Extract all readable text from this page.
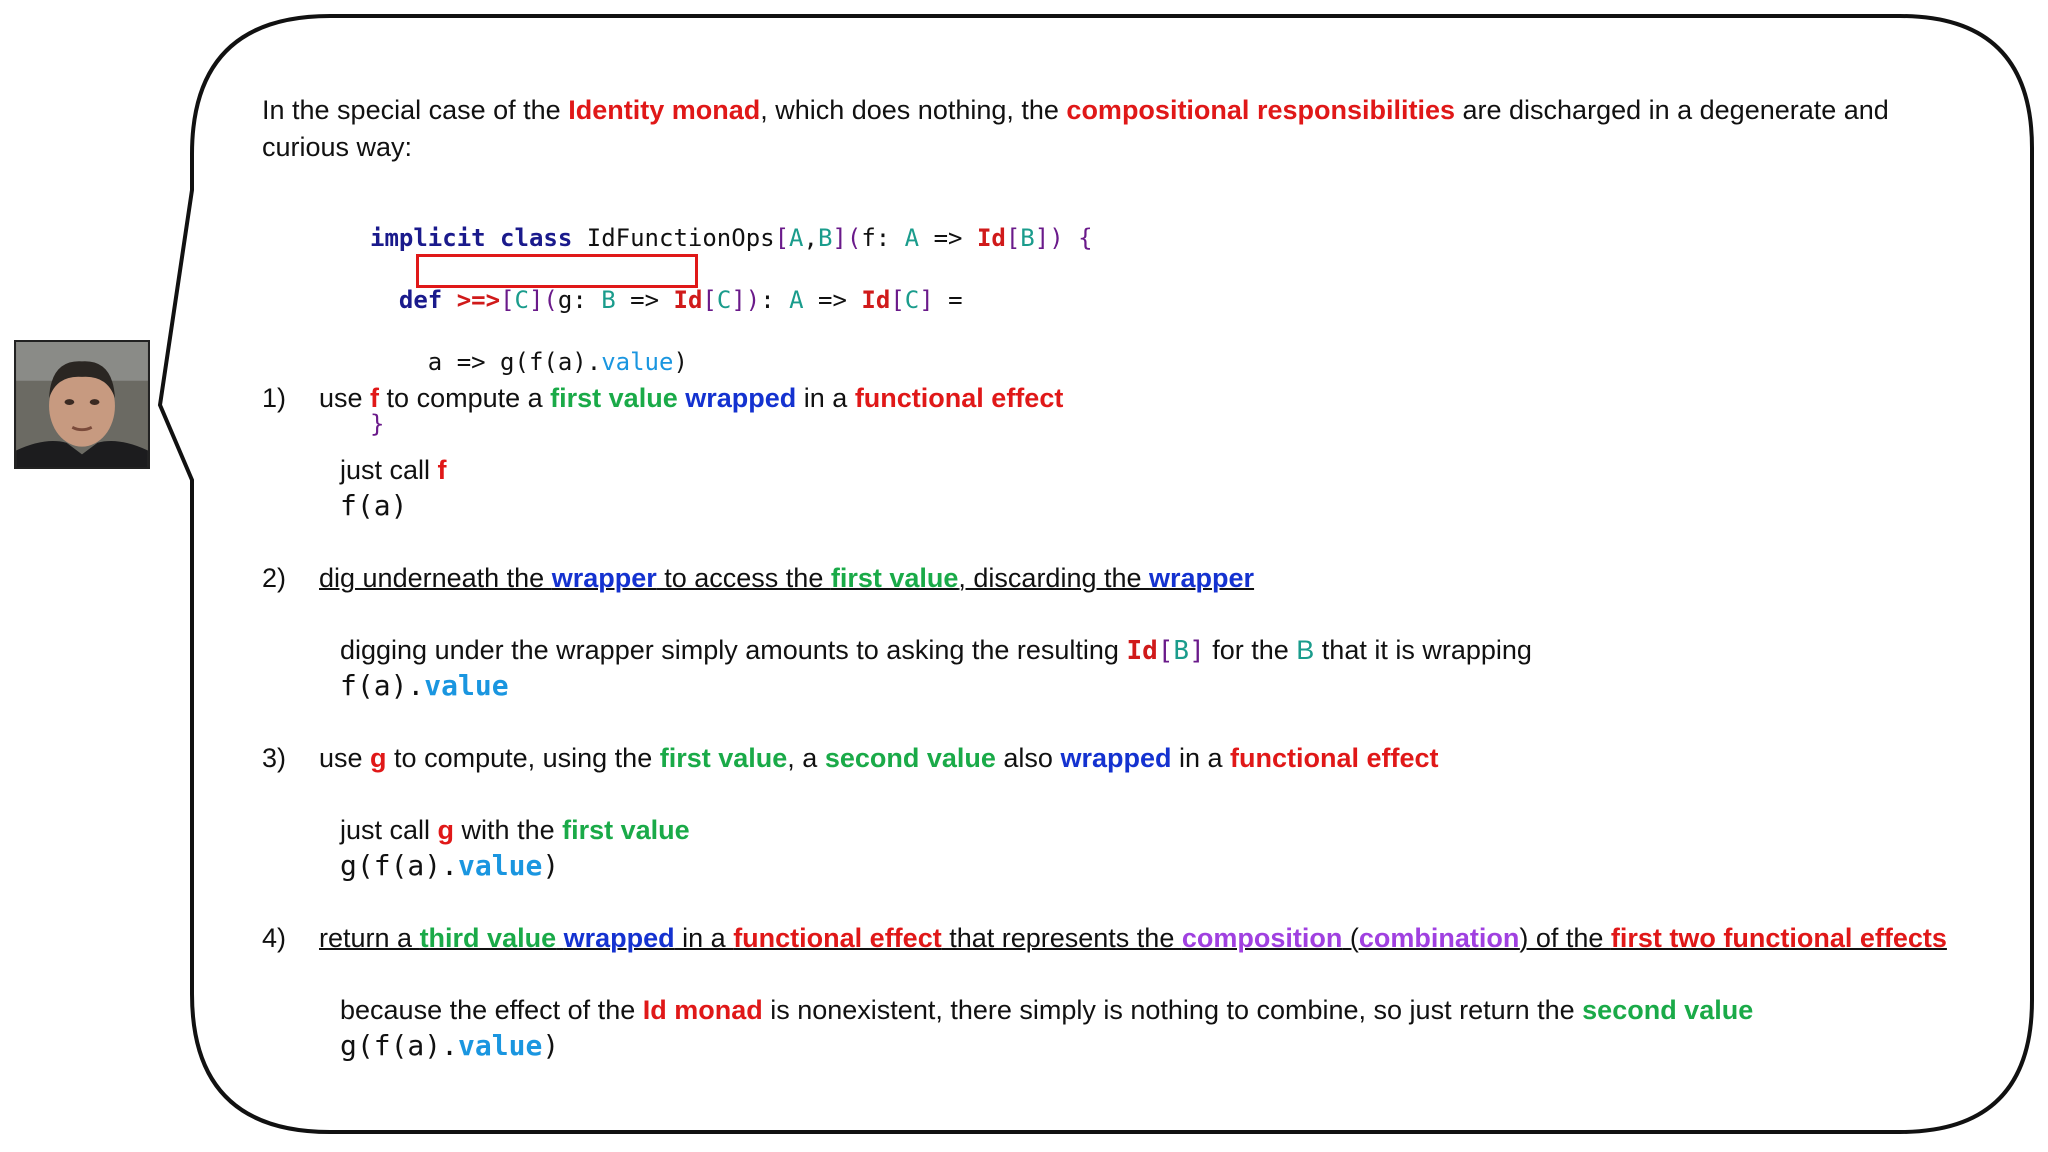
In the special case of the Identity monad, which does nothing, the compositional responsibilities are discharged in a degenerate and
curious way:

implicit class IdFunctionOps[A,B](f: A => Id[B]) {

def >=>[C](g: B => Id[C]): A => Id[C] =

a => g(f(a).value)

}

1) use f to compute a first value wrapped in a functional effect
just call f
f(a)
2) dig underneath the wrapper to access the first value, discarding the wrapper
digging under the wrapper simply amounts to asking the resulting Id[B] for the B that it is wrapping
f(a).value
3) use g to compute, using the first value, a second value also wrapped in a functional effect
just call g with the first value
g(f(a).value)
4) return a third value wrapped in a functional effect that represents the composition (combination) of the first two functional effects
because the effect of the Id monad is nonexistent, there simply is nothing to combine, so just return the second value
g(f(a).value)
